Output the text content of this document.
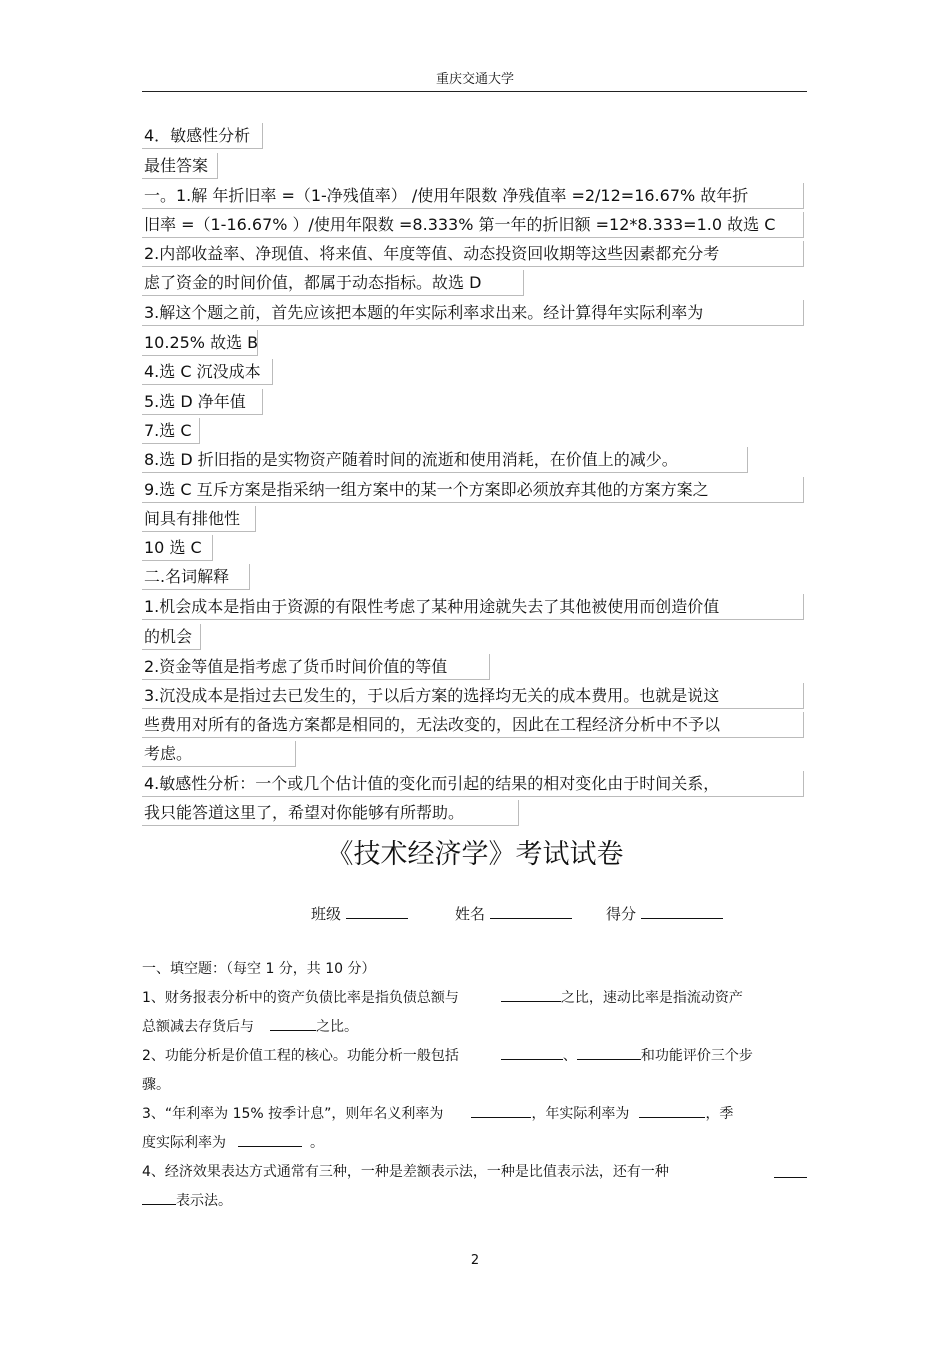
重庆交通大学
4．敏感性分析
最佳答案
一。1.解 年折旧率 =（1-净残值率） /使用年限数 净残值率 =2/12=16.67% 故年折
旧率 =（1-16.67% ）/使用年限数 =8.333% 第一年的折旧额 =12*8.333=1.0 故选 C
2.内部收益率、净现值、将来值、年度等值、动态投资回收期等这些因素都充分考
虑了资金的时间价值，都属于动态指标。故选 D
3.解这个题之前，首先应该把本题的年实际利率求出来。经计算得年实际利率为
10.25% 故选 B
4.选 C 沉没成本
5.选 D 净年值
7.选 C
8.选 D 折旧指的是实物资产随着时间的流逝和使用消耗，在价值上的减少。
9.选 C 互斥方案是指采纳一组方案中的某一个方案即必须放弃其他的方案方案之
间具有排他性
10 选 C
二.名词解释
1.机会成本是指由于资源的有限性考虑了某种用途就失去了其他被使用而创造价值
的机会
2.资金等值是指考虑了货币时间价值的等值
3.沉没成本是指过去已发生的，于以后方案的选择均无关的成本费用。也就是说这
些费用对所有的备选方案都是相同的，无法改变的，因此在工程经济分析中不予以
考虑。
4.敏感性分析：一个或几个估计值的变化而引起的结果的相对变化由于时间关系，
我只能答道这里了，希望对你能够有所帮助。
《技术经济学》考试试卷
班级	姓名	得分
一、填空题：（每空 1 分，共 10 分）
1、财务报表分析中的资产负债比率是指负债总额与	之比，速动比率是指流动资产
总额减去存货后与	之比。
2、功能分析是价值工程的核心。功能分析一般包括	、	和功能评价三个步
骤。
3、“年利率为 15% 按季计息”，则年名义利率为	，年实际利率为	，季
度实际利率为	。
4、经济效果表达方式通常有三种，一种是差额表示法，一种是比值表示法，还有一种
表示法。
2
